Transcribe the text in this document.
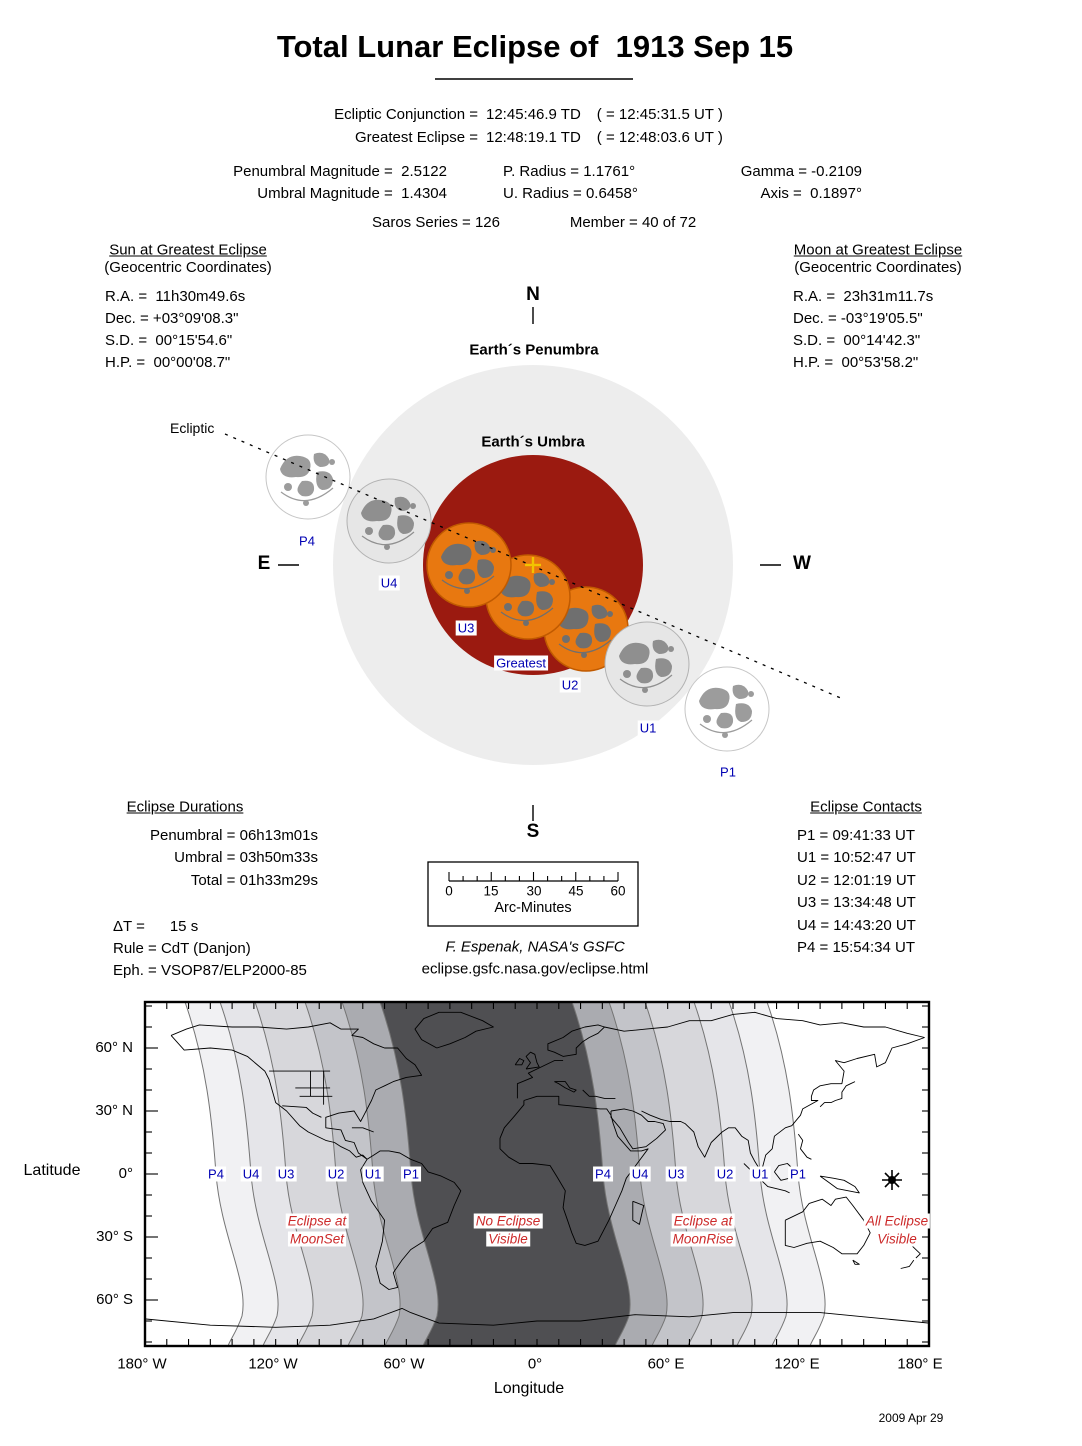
Total Lunar Eclipse of  1913 Sep 15
Ecliptic Conjunction = 12:45:46.9 TD ( = 12:45:31.5 UT )
Greatest Eclipse = 12:48:19.1 TD ( = 12:48:03.6 UT )
Penumbral Magnitude =  2.5122	P. Radius = 1.1761°	Gamma = -0.2109
Umbral Magnitude =  1.4304	U. Radius = 0.6458°	Axis =  0.1897°
Saros Series = 126	Member = 40 of 72
Sun at Greatest Eclipse
(Geocentric Coordinates)
R.A. =  11h30m49.6s
Dec. = +03°09'08.3"
S.D. =  00°15'54.6"
H.P. =  00°00'08.7"
Moon at Greatest Eclipse
(Geocentric Coordinates)
R.A. =  23h31m11.7s
Dec. = -03°19'05.5"
S.D. =  00°14'42.3"
H.P. =  00°53'58.2"
N
E	W
S
Earth´s Penumbra
Earth´s Umbra
Ecliptic
P4
U4
U3
Greatest
U2
U1
P1
Eclipse Durations
Penumbral = 06h13m01s
Umbral = 03h50m33s
Total = 01h33m29s
ΔT =      15 s
Rule = CdT (Danjon)
Eph. = VSOP87/ELP2000-85
Eclipse Contacts
P1 = 09:41:33 UT
U1 = 10:52:47 UT
U2 = 12:01:19 UT
U3 = 13:34:48 UT
U4 = 14:43:20 UT
P4 = 15:54:34 UT
0 15 30 45 60
Arc-Minutes
F. Espenak, NASA's GSFC
eclipse.gsfc.nasa.gov/eclipse.html
Latitude
60° N
30° N
0°
30° S
60° S
180° W	120° W	60° W	0°	60° E	120° E	180° E
Longitude
P4 U4 U3	U2 U1 P1	P4 U4 U3 U2 U1 P1
Eclipse at
MoonSet
No Eclipse
Visible
Eclipse at
MoonRise
All Eclipse
Visible
2009 Apr 29
